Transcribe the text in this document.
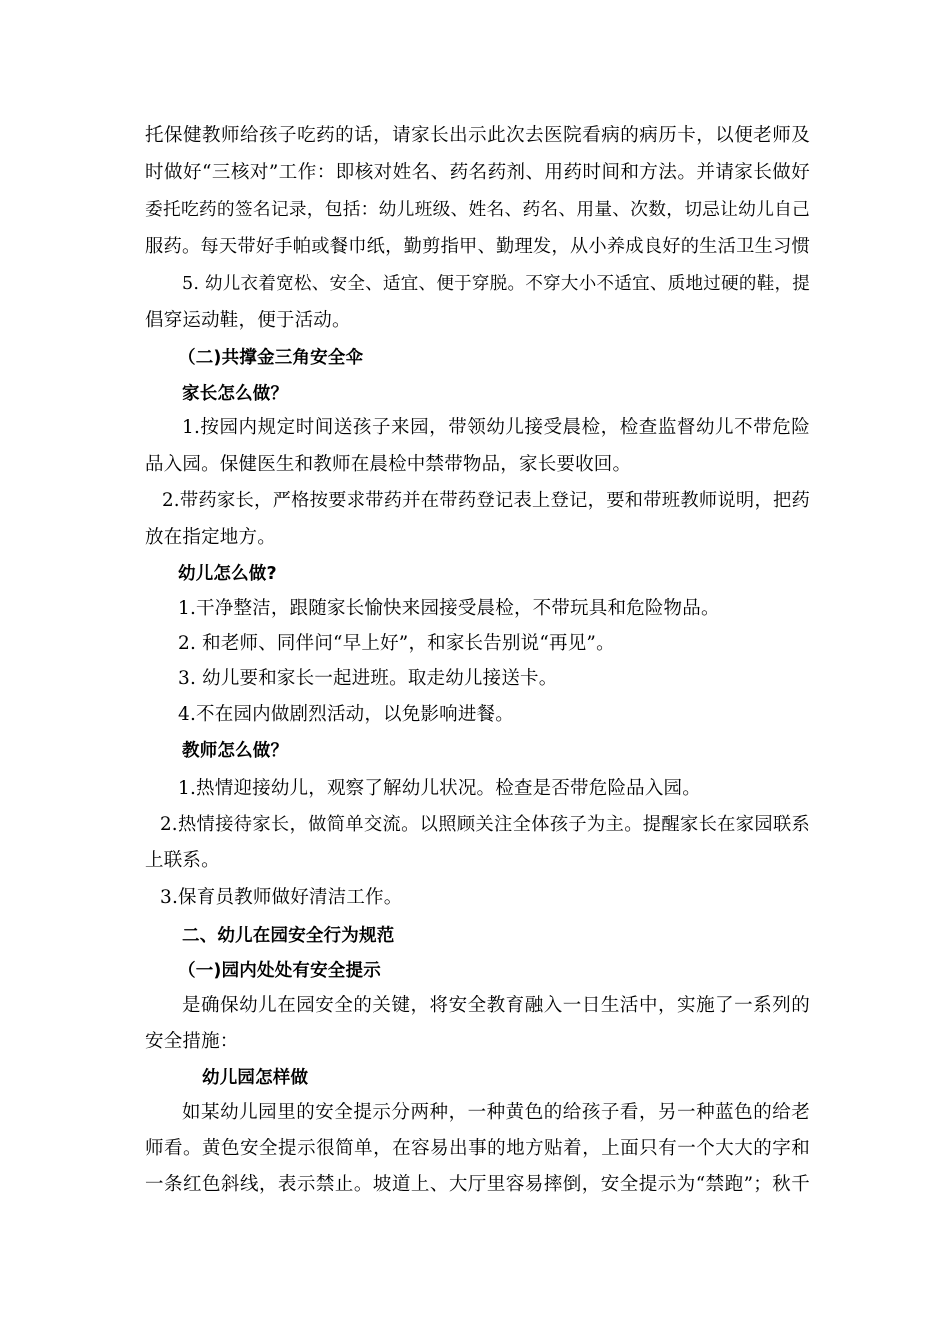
托保健教师给孩子吃药的话，请家长出示此次去医院看病的病历卡，以便老师及
时做好“三核对”工作：即核对姓名、药名药剂、用药时间和方法。并请家长做好
委托吃药的签名记录，包括：幼儿班级、姓名、药名、用量、次数，切忌让幼儿自己
服药。每天带好手帕或餐巾纸，勤剪指甲、勤理发，从小养成良好的生活卫生习惯
5. 幼儿衣着宽松、安全、适宜、便于穿脱。不穿大小不适宜、质地过硬的鞋，提
倡穿运动鞋，便于活动。
（二)共撑金三角安全伞
家长怎么做？
1.按园内规定时间送孩子来园，带领幼儿接受晨检，检查监督幼儿不带危险
品入园。保健医生和教师在晨检中禁带物品，家长要收回。
2.带药家长，严格按要求带药并在带药登记表上登记，要和带班教师说明，把药
放在指定地方。
幼儿怎么做?
1.干净整洁，跟随家长愉快来园接受晨检，不带玩具和危险物品。
2. 和老师、同伴问“早上好”，和家长告别说“再见”。
3. 幼儿要和家长一起进班。取走幼儿接送卡。
4.不在园内做剧烈活动，以免影响进餐。
教师怎么做？
1.热情迎接幼儿，观察了解幼儿状况。检查是否带危险品入园。
2.热情接待家长，做简单交流。以照顾关注全体孩子为主。提醒家长在家园联系
上联系。
3.保育员教师做好清洁工作。
二、幼儿在园安全行为规范
（一)园内处处有安全提示
是确保幼儿在园安全的关键，将安全教育融入一日生活中，实施了一系列的
安全措施：
幼儿园怎样做
如某幼儿园里的安全提示分两种，一种黄色的给孩子看，另一种蓝色的给老
师看。黄色安全提示很简单，在容易出事的地方贴着，上面只有一个大大的字和
一条红色斜线，表示禁止。坡道上、大厅里容易摔倒，安全提示为“禁跑”；秋千
